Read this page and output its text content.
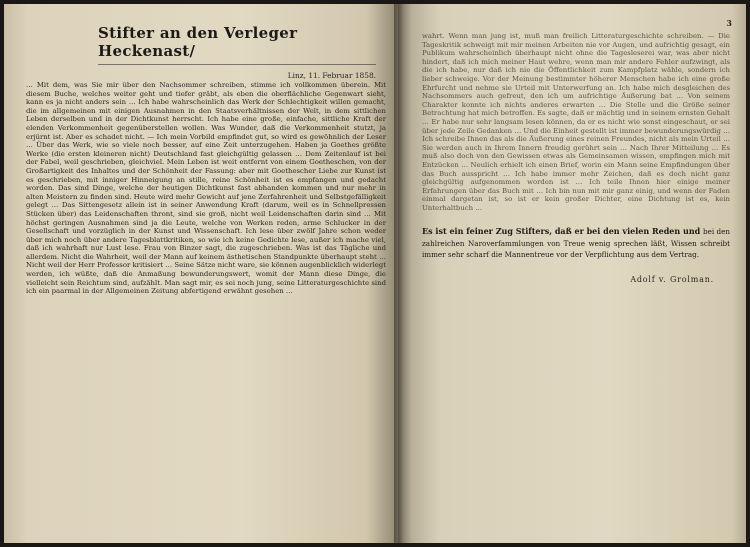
Stifter an den Verleger Heckenast/
Linz, 11. Februar 1858.
… Mit dem, was Sie mir über den Nachsommer schreiben, stimme ich vollkommen überein. Mit diesem Buche, welches weiter geht und tiefer gräbt, als eben die oberflächliche Gegenwart sieht, kann es ja nicht anders sein … Ich habe wahrscheinlich das Werk der Schlechtigkeit willen gemacht, die im allgemeinen mit einigen Ausnahmen in den Staatsverhältnissen der Welt, in dem sittlichen Leben derselben und in der Dichtkunst herrscht. Ich habe eine große, einfache, sittliche Kraft der elenden Verkommenheit gegenüberstellen wollen. Was Wunder, daß die Verkommenheit stutzt, ja erjürnt ist. Aber es schadet nicht. — Ich mein Vorbild empfindet gut, so wird es gewöhnlich der Leser … Über das Werk, wie so viele noch besser, auf eine Zeit unterzugehen. Haben ja Goethes größte Werke (die ersten kleineren nicht) Deutschland fast gleichgültig gelassen … Dem Zeitenlauf ist bei der Fabel, weil geschrieben, gleichviel. Mein Leben ist weit entfernt von einem Goetheschen, von der Großartigkeit des Inhaltes und der Schönheit der Fassung: aber mit Goethescher Liebe zur Kunst ist es geschrieben, mit inniger Hinneigung an stille, reine Schönheit ist es empfangen und gedacht worden. Das sind Dinge, welche der heutigen Dichtkunst fast abhanden kommen und nur mehr in alten Meistern zu finden sind. Heute wird mehr Gewicht auf jene Zerfahrenheit und Selbstgefälligkeit gelegt … Das Sittengesetz allein ist in seiner Anwendung Kraft (darum, weil es in Schnellpressen Stücken über) das Leidenschaften thront, sind sie groß, nicht weil Leidenschaften darin sind … Mit höchst geringen Ausnahmen sind ja die Leute, welche von Werken reden, arme Schlucker in der Gesellschaft und vorzüglich in der Kunst und Wissenschaft. Ich lese über zwölf Jahre schon weder über mich noch über andere Tagesblattkritiken, so wie ich keine Gedichte lese, außer ich mache viel, daß ich wahrhaft nur Lust lese. Frau von Binzer sagt, die zugeschrieben. Was ist das Tägliche und allerdem. Nicht die Wahrheit, weil der Mann auf keinem ästhetischen Standpunkte überhaupt steht … Nicht weil der Herr Professor kritisiert … Seine Sätze nicht ware, sie können augenblicklich widerlegt werden, ich wüßte, daß die Anmaßung bewunderungswert, womit der Mann diese Dinge, die vielleicht sein Reichtum sind, aufzählt. Man sagt mir, es sei noch jung, seine Litteraturgeschichte sind ich ein paarmal in der Allgemeinen Zeitung abfertigend erwähnt gesehen …
3
wahrt. Wenn man jung ist, muß man freilich Litteraturgeschichte schreiben. — Die Tageskritik schweigt mit mir meinen Arbeiten nie vor Augen, und aufrichtig gesagt, ein Publikum wahrscheinlich überhaupt nicht ohne die Tagesleserei war, was aber nicht hindert, daß ich mich meiner Haut wehre, wenn man mir andere Fehler aufzwingt, als die ich habe, nur daß ich nie die Öffentlichkeit zum Kampfplatz wähle, sondern ich lieber schweige. Vor der Meinung bestimmter höherer Menschen habe ich eine große Ehrfurcht und nehme sie Urteil mit Unterwerfung an. Ich habe mich desgleichen des Nachsommers auch gefreut, den ich um aufrichtige Äußerung bat … Von seinem Charakter konnte ich nichts anderes erwarten … Die Stelle und die Größe seiner Betrachtung hat mich betroffen. Es sagte, daß er mächtig und in seinem ernsten Gehalt … Er habe nur sehr langsam lesen können, da er es nicht wie sonst eingeschaut, er sei über jede Zeile Gedanken … Und die Einheit gestellt ist immer bewunderungswürdig … Ich schreibe Ihnen das als die Äußerung eines reinen Freundes, nicht als mein Urteil … Sie werden auch in Ihrem Innern freudig gerührt sein … Nach Ihrer Mitteilung … Es muß also doch von den Gewissen etwas als Gemeinsamen wissen, empfingen mich mit Entzücken … Neulich erhielt ich einen Brief, worin ein Mann seine Empfindungen über das Buch ausspricht … Ich habe immer mehr Zeichen, daß es doch nicht ganz gleichgültig aufgenommen worden ist … Ich teile Ihnen hier einige meiner Erfahrungen über das Buch mit … Ich bin nun mit mir ganz einig, und wenn der Faden einmal dargetan ist, so ist er kein großer Dichter, eine Dichtung ist es, kein Unterhaltbuch …
Es ist ein feiner Zug Stifters, daß er bei den vielen Reden und bei den zahlreichen Naroverfammlungen von Treue wenig sprechen läßt, Wissen schreibt immer sehr scharf die Mannentreue vor der Verpflichtung aus dem Vertrag.
Adolf v. Grolman.
